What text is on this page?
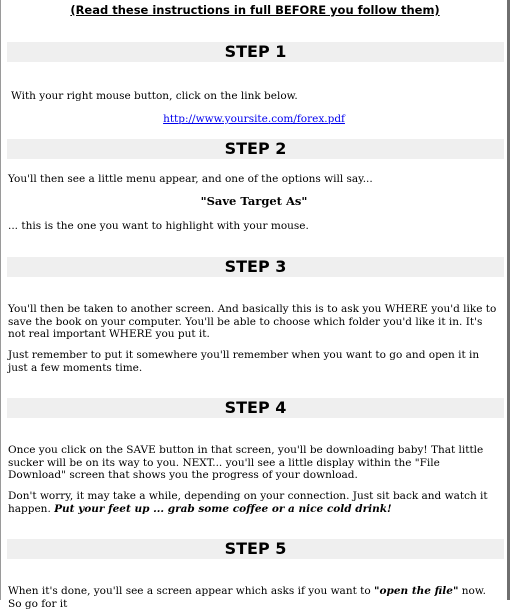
(Read these instructions in full BEFORE you follow them)
STEP 1

With your right mouse button, click on the link below.

http://www.yoursite.com/forex.pdf

STEP 2

You'll then see a little menu appear, and one of the options will say...

"Save Target As"

... this is the one you want to highlight with your mouse.

STEP 3

You'll then be taken to another screen. And basically this is to ask you WHERE you'd like to save the book on your computer. You'll be able to choose which folder you'd like it in. It's not real important WHERE you put it.

Just remember to put it somewhere you'll remember when you want to go and open it in just a few moments time.

STEP 4

Once you click on the SAVE button in that screen, you'll be downloading baby! That little sucker will be on its way to you. NEXT... you'll see a little display within the "File Download" screen that shows you the progress of your download.

Don't worry, it may take a while, depending on your connection. Just sit back and watch it happen. Put your feet up ... grab some coffee or a nice cold drink!

STEP 5

When it's done, you'll see a screen appear which asks if you want to "open the file" now. So go for it
